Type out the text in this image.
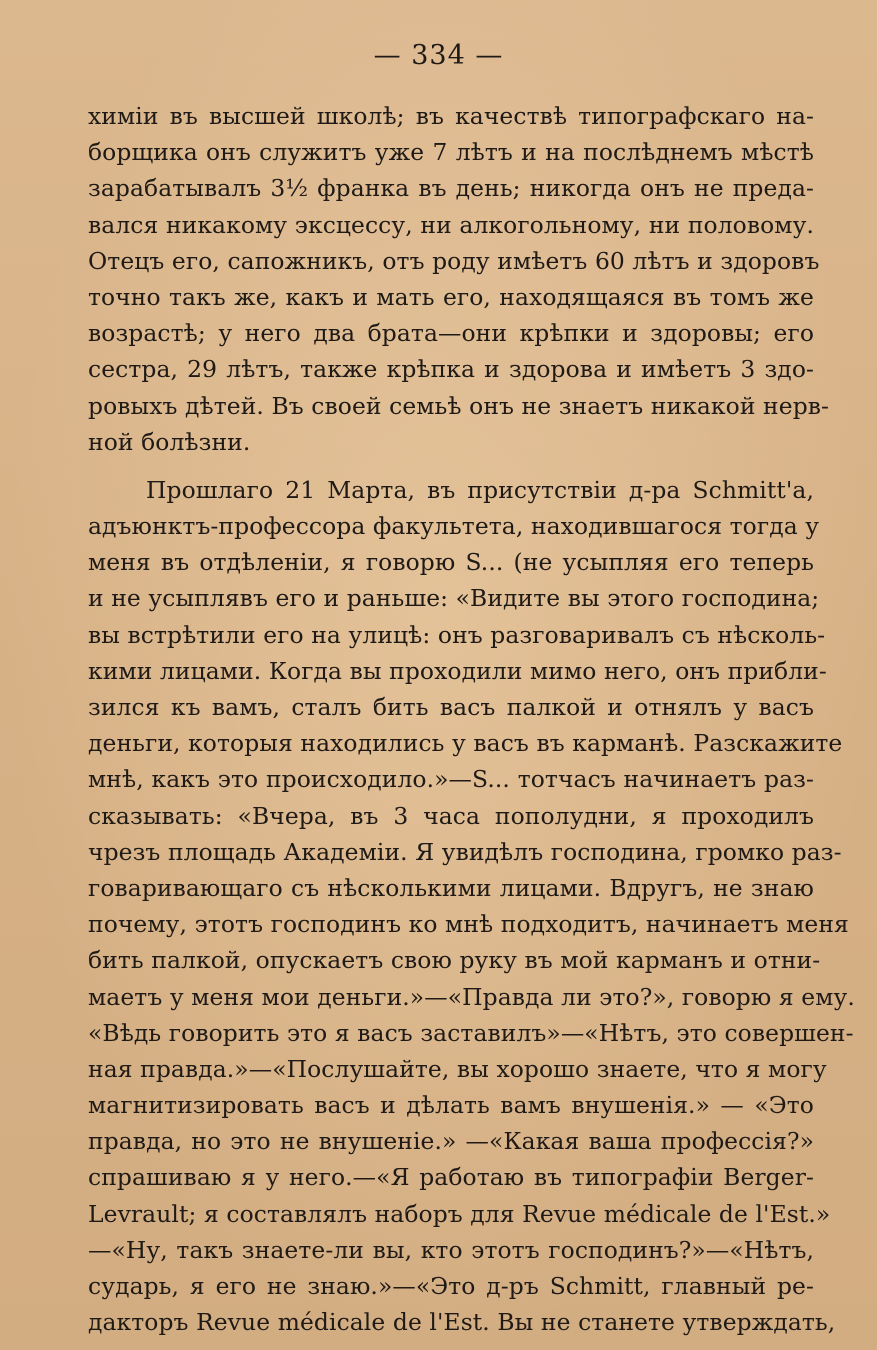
— 334 —
химіи въ высшей школѣ; въ качествѣ типографскаго на-
борщика онъ служитъ уже 7 лѣтъ и на послѣднемъ мѣстѣ
зарабатывалъ 3½ франка въ день; никогда онъ не преда-
вался никакому эксцессу, ни алкогольному, ни половому.
Отецъ его, сапожникъ, отъ роду имѣетъ 60 лѣтъ и здоровъ
точно такъ же, какъ и мать его, находящаяся въ томъ же
возрастѣ; у него два брата—они крѣпки и здоровы; его
сестра, 29 лѣтъ, также крѣпка и здорова и имѣетъ 3 здо-
ровыхъ дѣтей. Въ своей семьѣ онъ не знаетъ никакой нерв-
ной болѣзни.
Прошлаго 21 Марта, въ присутствіи д-ра Schmitt'а,
адъюнктъ-профессора факультета, находившагося тогда у
меня въ отдѣленіи, я говорю S... (не усыпляя его теперь
и не усыплявъ его и раньше: «Видите вы этого господина;
вы встрѣтили его на улицѣ: онъ разговаривалъ съ нѣсколь-
кими лицами. Когда вы проходили мимо него, онъ прибли-
зился къ вамъ, сталъ бить васъ палкой и отнялъ у васъ
деньги, которыя находились у васъ въ карманѣ. Разскажите
мнѣ, какъ это происходило.»—S... тотчасъ начинаетъ раз-
сказывать: «Вчера, въ 3 часа пополудни, я проходилъ
чрезъ площадь Академіи. Я увидѣлъ господина, громко раз-
говаривающаго съ нѣсколькими лицами. Вдругъ, не знаю
почему, этотъ господинъ ко мнѣ подходитъ, начинаетъ меня
бить палкой, опускаетъ свою руку въ мой карманъ и отни-
маетъ у меня мои деньги.»—«Правда ли это?», говорю я ему.
«Вѣдь говорить это я васъ заставилъ»—«Нѣтъ, это совершен-
ная правда.»—«Послушайте, вы хорошо знаете, что я могу
магнитизировать васъ и дѣлать вамъ внушенія.» — «Это
правда, но это не внушеніе.» —«Какая ваша профессія?»
спрашиваю я у него.—«Я работаю въ типографіи Berger-
Levrault; я составлялъ наборъ для Revue médicale de l'Est.»
—«Ну, такъ знаете-ли вы, кто этотъ господинъ?»—«Нѣтъ,
сударь, я его не знаю.»—«Это д-ръ Schmitt, главный ре-
дакторъ Revue médicale de l'Est. Вы не станете утверждать,
